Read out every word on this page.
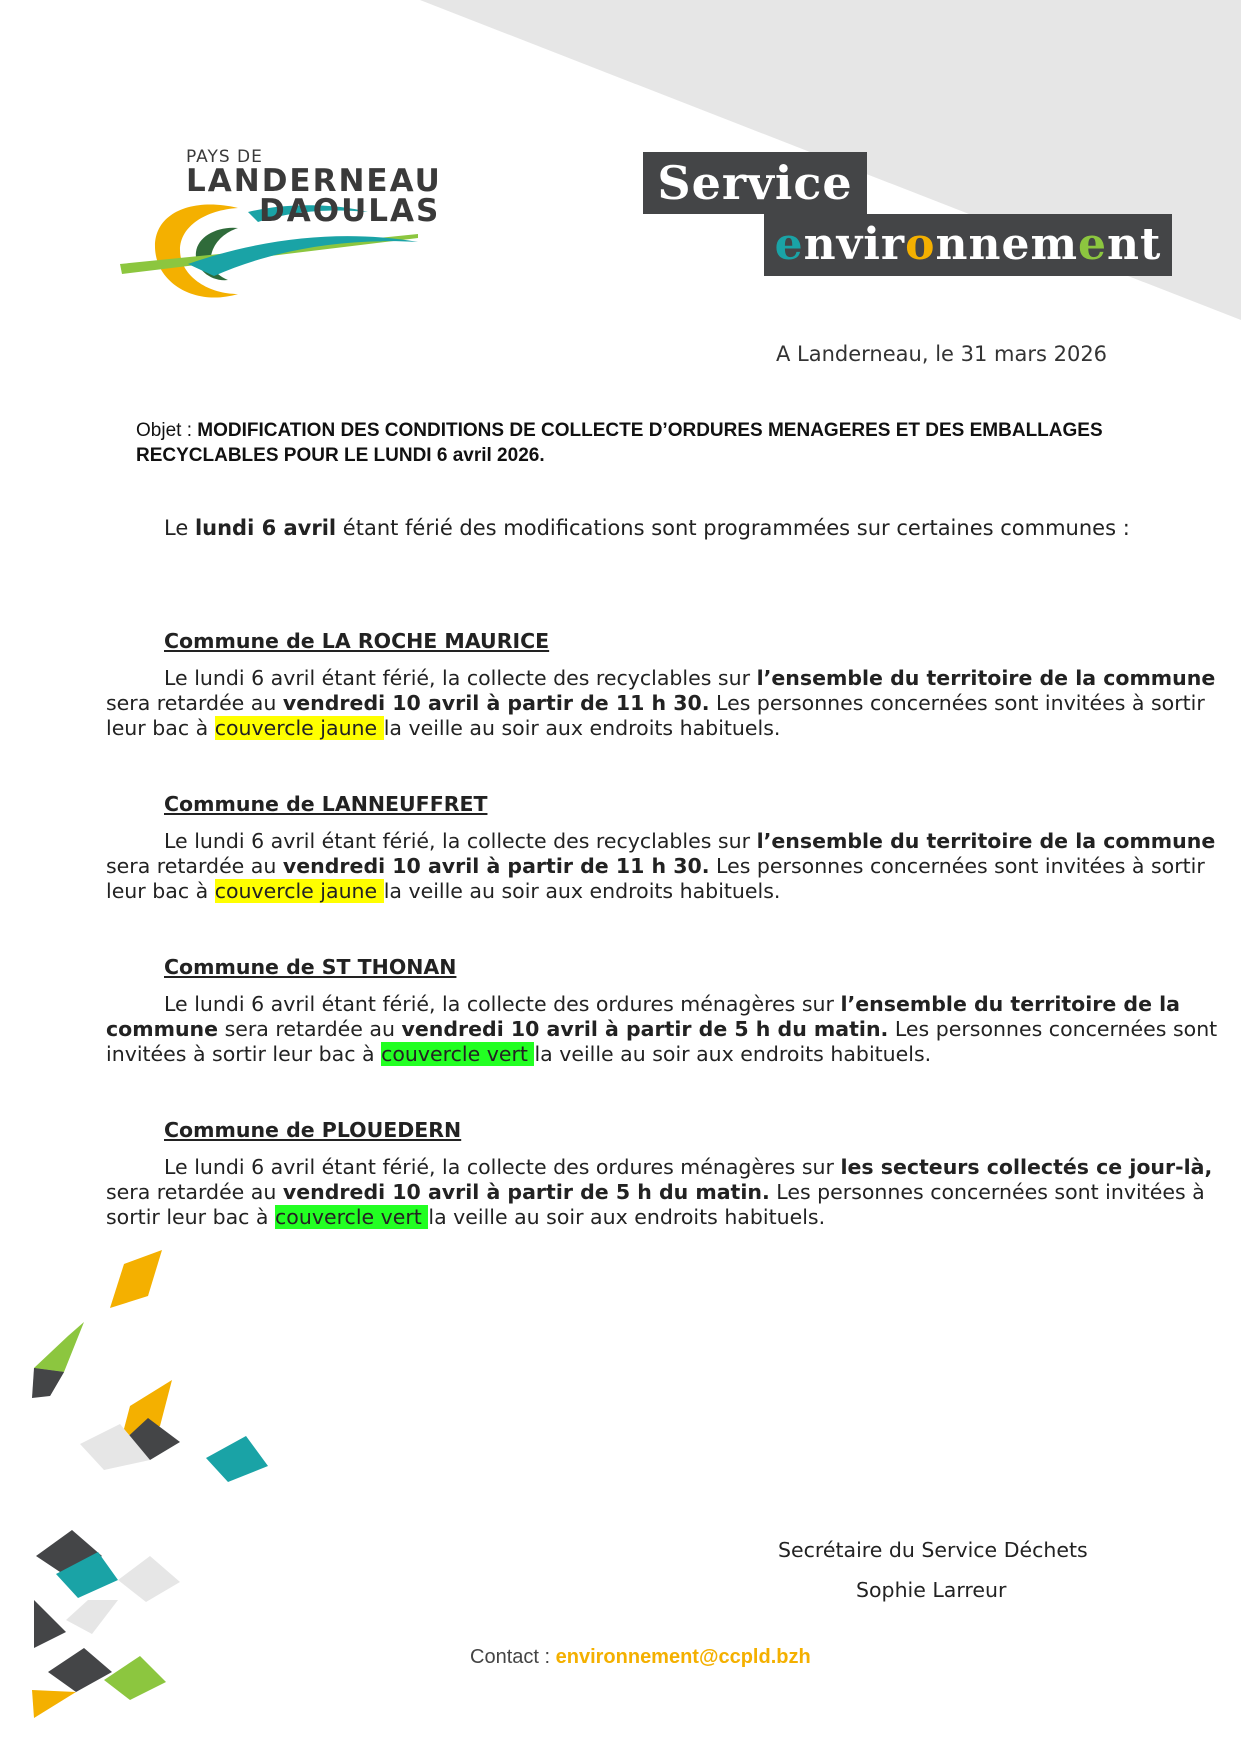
PAYS DE
LANDERNEAU
DAOULAS
Service
environnement
A Landerneau, le 31 mars 2026
Objet : MODIFICATION DES CONDITIONS DE COLLECTE D’ORDURES MENAGERES ET DES EMBALLAGES RECYCLABLES POUR LE LUNDI 6 avril 2026.
Le lundi 6 avril étant férié des modifications sont programmées sur certaines communes :
Commune de LA ROCHE MAURICE

Le lundi 6 avril étant férié, la collecte des recyclables sur l’ensemble du territoire de la commune sera retardée au vendredi 10 avril à partir de 11 h 30. Les personnes concernées sont invitées à sortir leur bac à couvercle jaune la veille au soir aux endroits habituels.

Commune de LANNEUFFRET

Le lundi 6 avril étant férié, la collecte des recyclables sur l’ensemble du territoire de la commune sera retardée au vendredi 10 avril à partir de 11 h 30. Les personnes concernées sont invitées à sortir leur bac à couvercle jaune la veille au soir aux endroits habituels.

Commune de ST THONAN

Le lundi 6 avril étant férié, la collecte des ordures ménagères sur l’ensemble du territoire de la commune sera retardée au vendredi 10 avril à partir de 5 h du matin. Les personnes concernées sont invitées à sortir leur bac à couvercle vert la veille au soir aux endroits habituels.

Commune de PLOUEDERN

Le lundi 6 avril étant férié, la collecte des ordures ménagères sur les secteurs collectés ce jour-là, sera retardée au vendredi 10 avril à partir de 5 h du matin. Les personnes concernées sont invitées à sortir leur bac à couvercle vert la veille au soir aux endroits habituels.

Secrétaire du Service Déchets
Sophie Larreur
Contact : environnement@ccpld.bzh
